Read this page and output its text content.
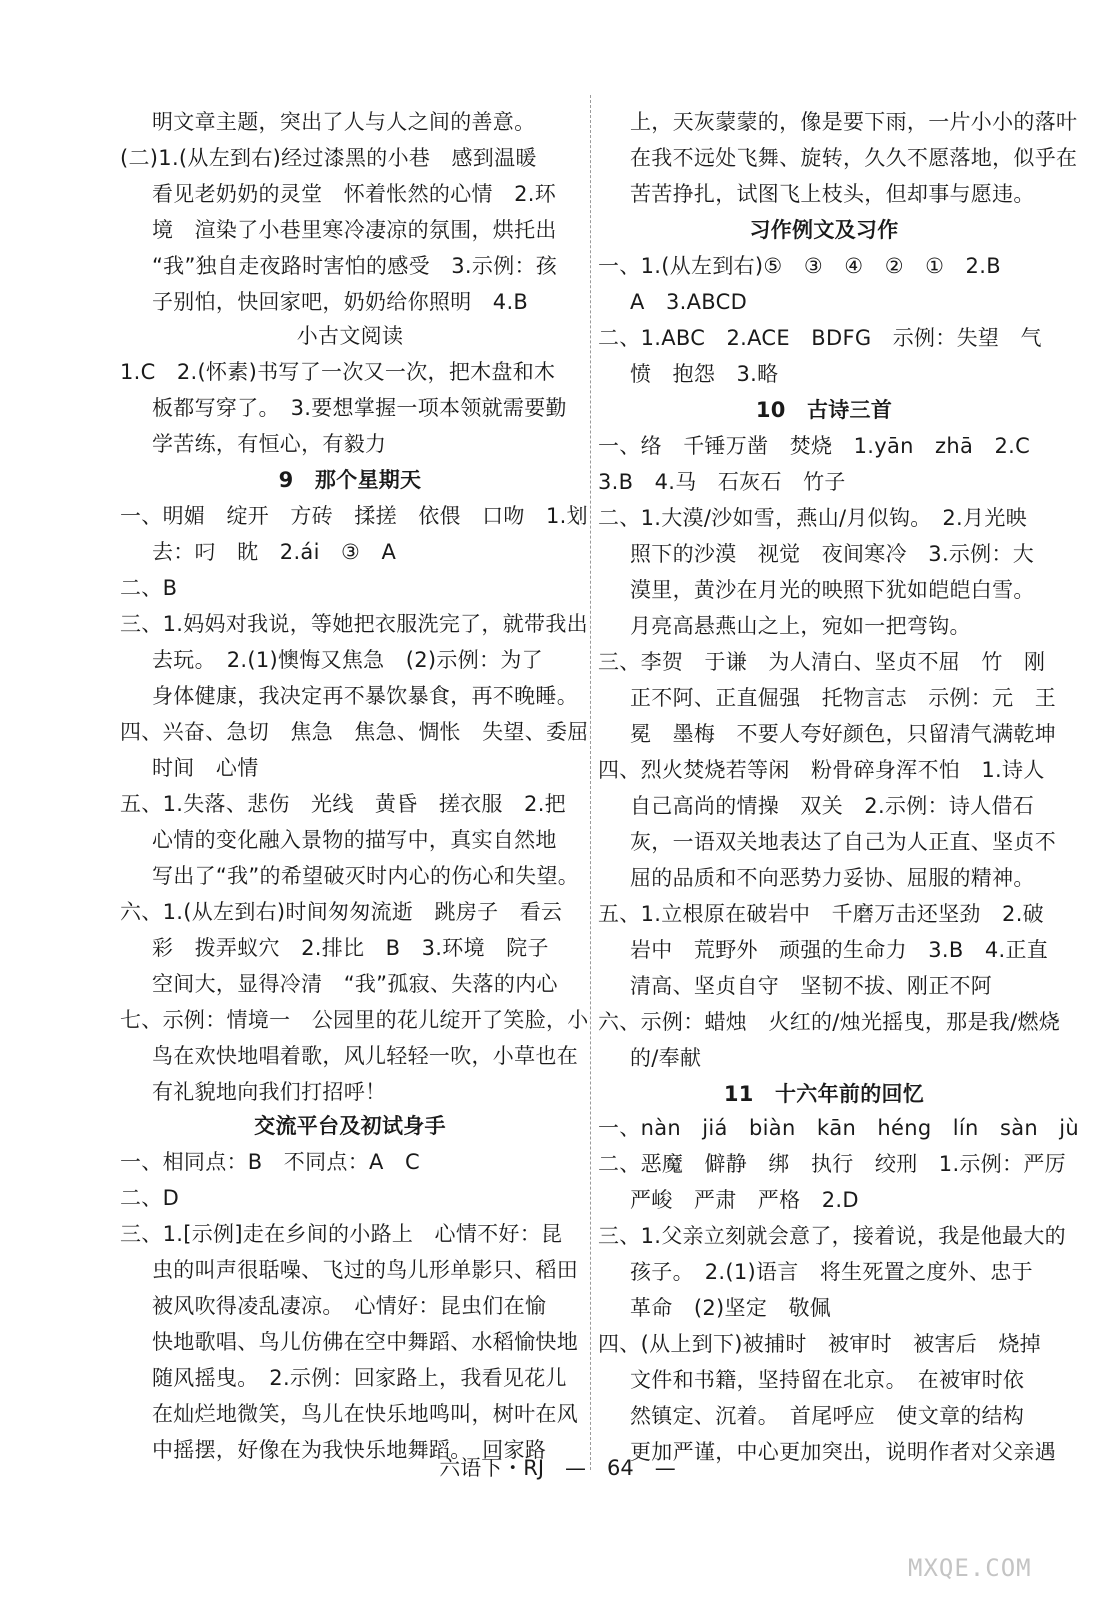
明文章主题，突出了人与人之间的善意。
(二)1.(从左到右)经过漆黑的小巷　感到温暖
看见老奶奶的灵堂　怀着怅然的心情　2.环
境　渲染了小巷里寒冷凄凉的氛围，烘托出
“我”独自走夜路时害怕的感受　3.示例：孩
子别怕，快回家吧，奶奶给你照明　4.B
小古文阅读
1.C　2.(怀素)书写了一次又一次，把木盘和木
板都写穿了。　3.要想掌握一项本领就需要勤
学苦练，有恒心，有毅力
9　那个星期天
一、明媚　绽开　方砖　揉搓　依偎　口吻　1.划
去：叼　眈　2.ái　③　A
二、B
三、1.妈妈对我说，等她把衣服洗完了，就带我出
去玩。　2.(1)懊悔又焦急　(2)示例：为了
身体健康，我决定再不暴饮暴食，再不晚睡。
四、兴奋、急切　焦急　焦急、惆怅　失望、委屈
时间　心情
五、1.失落、悲伤　光线　黄昏　搓衣服　2.把
心情的变化融入景物的描写中，真实自然地
写出了“我”的希望破灭时内心的伤心和失望。
六、1.(从左到右)时间匆匆流逝　跳房子　看云
彩　拨弄蚁穴　2.排比　B　3.环境　院子
空间大，显得冷清　“我”孤寂、失落的内心
七、示例：情境一　公园里的花儿绽开了笑脸，小
鸟在欢快地唱着歌，风儿轻轻一吹，小草也在
有礼貌地向我们打招呼！
交流平台及初试身手
一、相同点：B　不同点：A　C
二、D
三、1.[示例]走在乡间的小路上　心情不好：昆
虫的叫声很聒噪、飞过的鸟儿形单影只、稻田
被风吹得凌乱凄凉。　心情好：昆虫们在愉
快地歌唱、鸟儿仿佛在空中舞蹈、水稻愉快地
随风摇曳。　2.示例：回家路上，我看见花儿
在灿烂地微笑，鸟儿在快乐地鸣叫，树叶在风
中摇摆，好像在为我快乐地舞蹈。　回家路
上，天灰蒙蒙的，像是要下雨，一片小小的落叶
在我不远处飞舞、旋转，久久不愿落地，似乎在
苦苦挣扎，试图飞上枝头，但却事与愿违。
习作例文及习作
一、1.(从左到右)⑤　③　④　②　①　2.B
A　3.ABCD
二、1.ABC　2.ACE　BDFG　示例：失望　气
愤　抱怨　3.略
10　古诗三首
一、络　千锤万凿　焚烧　1.yān　zhā　2.C
3.B　4.马　石灰石　竹子
二、1.大漠/沙如雪，燕山/月似钩。　2.月光映
照下的沙漠　视觉　夜间寒冷　3.示例：大
漠里，黄沙在月光的映照下犹如皑皑白雪。
月亮高悬燕山之上，宛如一把弯钩。
三、李贺　于谦　为人清白、坚贞不屈　竹　刚
正不阿、正直倔强　托物言志　示例：元　王
冕　墨梅　不要人夸好颜色，只留清气满乾坤
四、烈火焚烧若等闲　粉骨碎身浑不怕　1.诗人
自己高尚的情操　双关　2.示例：诗人借石
灰，一语双关地表达了自己为人正直、坚贞不
屈的品质和不向恶势力妥协、屈服的精神。
五、1.立根原在破岩中　千磨万击还坚劲　2.破
岩中　荒野外　顽强的生命力　3.B　4.正直
清高、坚贞自守　坚韧不拔、刚正不阿
六、示例：蜡烛　火红的/烛光摇曳，那是我/燃烧
的/奉献
11　十六年前的回忆
一、nàn　jiá　biàn　kān　héng　lín　sàn　jù
二、恶魔　僻静　绑　执行　绞刑　1.示例：严厉
严峻　严肃　严格　2.D
三、1.父亲立刻就会意了，接着说，我是他最大的
孩子。　2.(1)语言　将生死置之度外、忠于
革命　(2)坚定　敬佩
四、(从上到下)被捕时　被审时　被害后　烧掉
文件和书籍，坚持留在北京。　在被审时依
然镇定、沉着。　首尾呼应　使文章的结构
更加严谨，中心更加突出，说明作者对父亲遇
六语下・RJ　—　64　—
MXQE.COM
